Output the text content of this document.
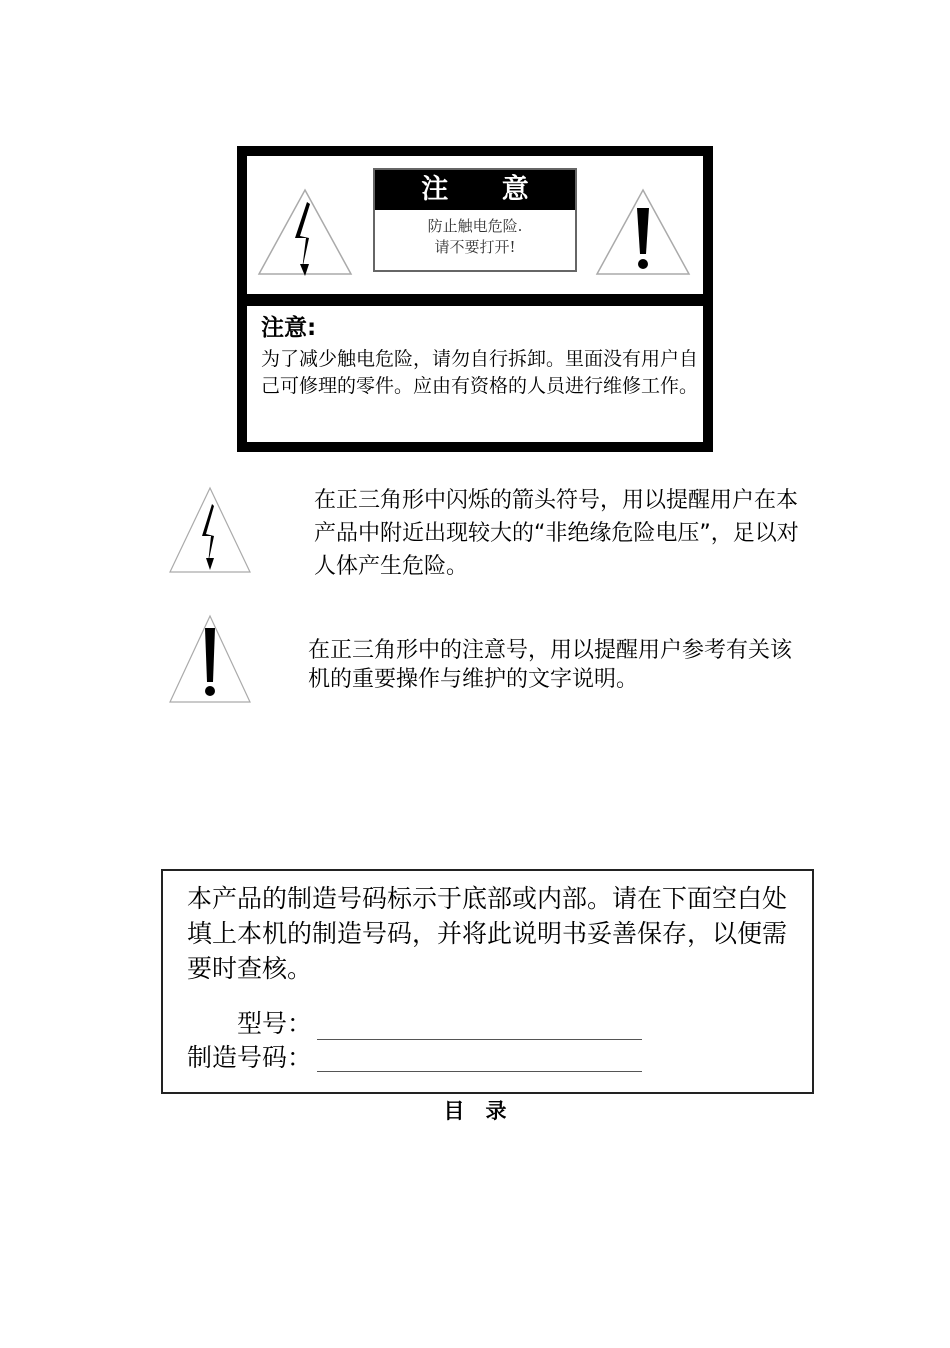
注 意
防止触电危险.
请不要打开!
注意:
为了减少触电危险，请勿自行拆卸。里面没有用户自己可修理的零件。应由有资格的人员进行维修工作。
在正三角形中闪烁的箭头符号，用以提醒用户在本产品中附近出现较大的“非绝缘危险电压”，足以对人体产生危险。
在正三角形中的注意号，用以提醒用户参考有关该机的重要操作与维护的文字说明。
本产品的制造号码标示于底部或内部。请在下面空白处填上本机的制造号码，并将此说明书妥善保存，以便需要时查核。
型号：
制造号码：
目　录
